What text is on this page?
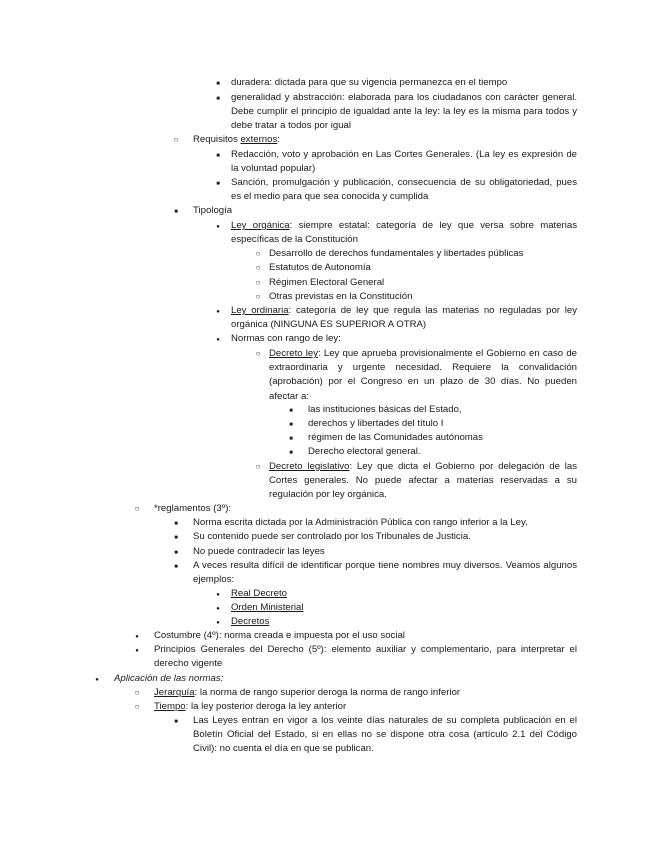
■
duradera: dictada para que su vigencia permanezca en el tiempo
■
generalidad y abstracción: elaborada para los ciudadanos con carácter general. Debe cumplir el principio de igualdad ante la ley: la ley es la misma para todos y debe tratar a todos por igual
○
Requisitos externos:
■
Redacción, voto y aprobación en Las Cortes Generales. (La ley es expresión de la voluntad popular)
■
Sanción, promulgación y publicación, consecuencia de su obligatoriedad, pues es el medio para que sea conocida y cumplida
■
Tipología
●
Ley orgánica: siempre estatal: categoría de ley que versa sobre materias específicas de la Constitución
○
Desarrollo de derechos fundamentales y libertades públicas
○
Estatutos de Autonomía
○
Régimen Electoral General
○
Otras previstas en la Constitución
●
Ley ordinaria: categoría de ley que regula las materias no reguladas por ley orgánica (NINGUNA ES SUPERIOR A OTRA)
●
Normas con rango de ley:
○
Decreto ley: Ley que aprueba provisionalmente el Gobierno en caso de extraordinaria y urgente necesidad. Requiere la convalidación (aprobación) por el Congreso en un plazo de 30 días. No pueden afectar a:
■
las instituciones básicas del Estado,
■
derechos y libertades del título I
■
régimen de las Comunidades autónomas
■
Derecho electoral general.
○
Decreto legislativo: Ley que dicta el Gobierno por delegación de las Cortes generales. No puede afectar a materias reservadas a su regulación por ley orgánica.
○
*reglamentos (3º):
■
Norma escrita dictada por la Administración Pública con rango inferior a la Ley.
■
Su contenido puede ser controlado por los Tribunales de Justicia.
■
No puede contradecir las leyes
■
A veces resulta difícil de identificar porque tiene nombres muy diversos. Veamos algunos ejemplos:
●
Real Decreto
●
Orden Ministerial
●
Decretos
●
Costumbre (4º): norma creada e impuesta por el uso social
●
Principios Generales del Derecho (5º): elemento auxiliar y complementario, para interpretar el derecho vigente
●
Aplicación de las normas:
○
Jerarquía: la norma de rango superior deroga la norma de rango inferior
○
Tiempo: la ley posterior deroga la ley anterior
■
Las Leyes entran en vigor a los veinte días naturales de su completa publicación en el Boletín Oficial del Estado, si en ellas no se dispone otra cosa (artículo 2.1 del Código Civil): no cuenta el día en que se publican.
